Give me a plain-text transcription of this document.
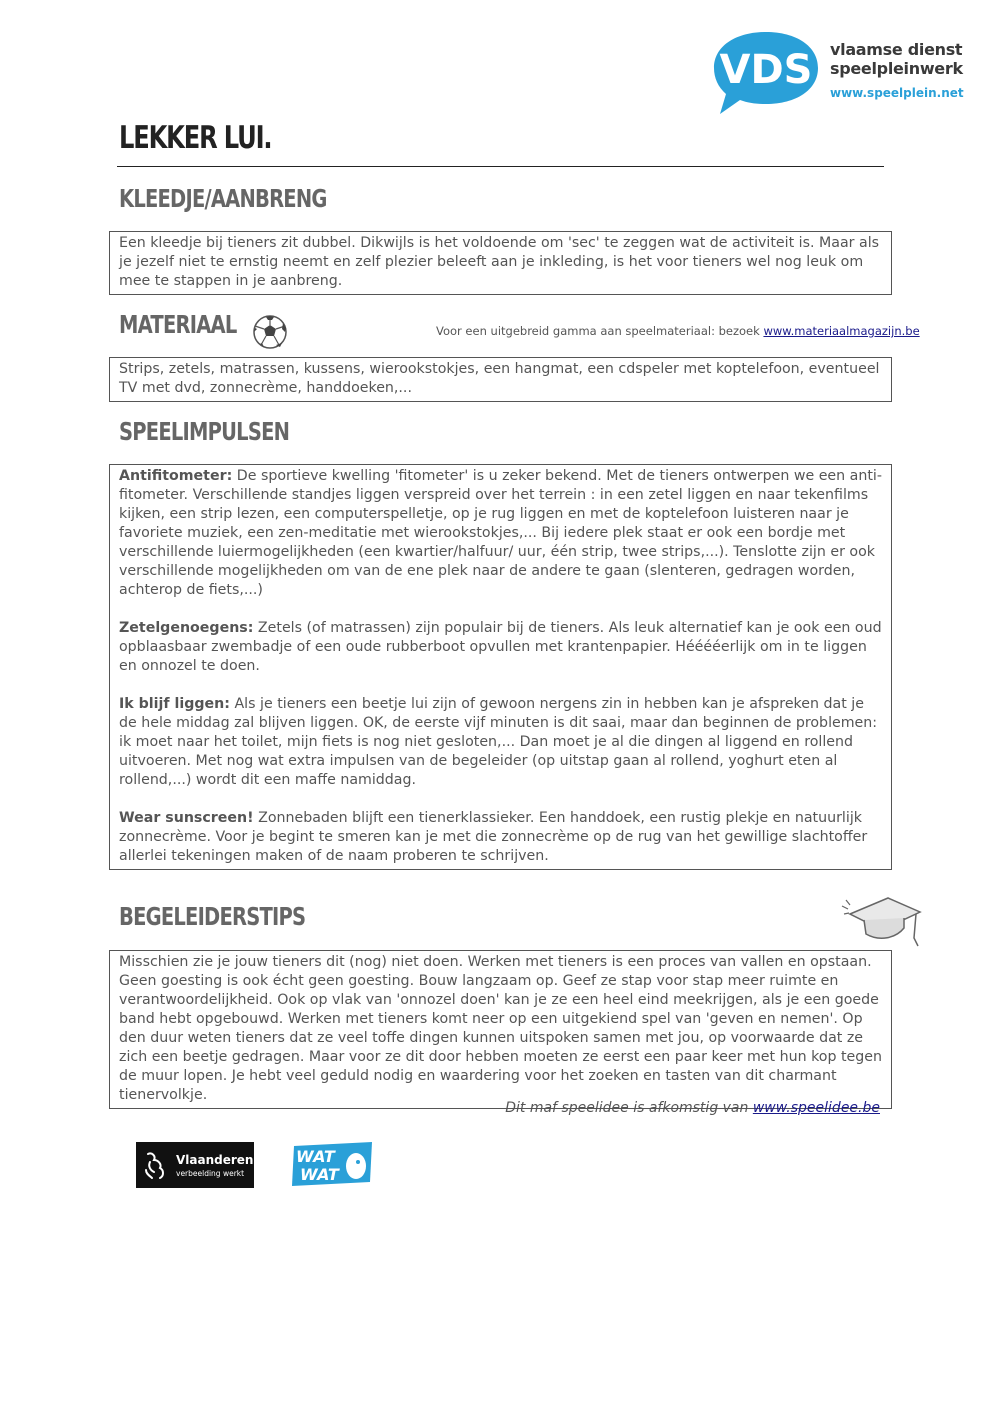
VDS vlaamse dienst
speelpleinwerk
www.speelplein.net
LEKKER LUI.
KLEEDJE/AANBRENG

Een kleedje bij tieners zit dubbel. Dikwijls is het voldoende om 'sec' te zeggen wat de activiteit is. Maar als je jezelf niet te ernstig neemt en zelf plezier beleeft aan je inkleding, is het voor tieners wel nog leuk om mee te stappen in je aanbreng.

MATERIAAL	Voor een uitgebreid gamma aan speelmateriaal: bezoek www.materiaalmagazijn.be

Strips, zetels, matrassen, kussens, wierookstokjes, een hangmat, een cdspeler met koptelefoon, eventueel TV met dvd, zonnecrème, handdoeken,...

SPEELIMPULSEN

Antifitometer: De sportieve kwelling 'fitometer' is u zeker bekend. Met de tieners ontwerpen we een anti-fitometer. Verschillende standjes liggen verspreid over het terrein : in een zetel liggen en naar tekenfilms kijken, een strip lezen, een computerspelletje, op je rug liggen en met de koptelefoon luisteren naar je favoriete muziek, een zen-meditatie met wierookstokjes,... Bij iedere plek staat er ook een bordje met verschillende luiermogelijkheden (een kwartier/halfuur/ uur, één strip, twee strips,...). Tenslotte zijn er ook verschillende mogelijkheden om van de ene plek naar de andere te gaan (slenteren, gedragen worden, achterop de fiets,...)

Zetelgenoegens: Zetels (of matrassen) zijn populair bij de tieners. Als leuk alternatief kan je ook een oud opblaasbaar zwembadje of een oude rubberboot opvullen met krantenpapier. Hééééerlijk om in te liggen en onnozel te doen.

Ik blijf liggen: Als je tieners een beetje lui zijn of gewoon nergens zin in hebben kan je afspreken dat je de hele middag zal blijven liggen. OK, de eerste vijf minuten is dit saai, maar dan beginnen de problemen: ik moet naar het toilet, mijn fiets is nog niet gesloten,... Dan moet je al die dingen al liggend en rollend uitvoeren. Met nog wat extra impulsen van de begeleider (op uitstap gaan al rollend, yoghurt eten al rollend,...) wordt dit een maffe namiddag.

Wear sunscreen! Zonnebaden blijft een tienerklassieker. Een handdoek, een rustig plekje en natuurlijk zonnecrème. Voor je begint te smeren kan je met die zonnecrème op de rug van het gewillige slachtoffer allerlei tekeningen maken of de naam proberen te schrijven.

BEGELEIDERSTIPS

Misschien zie je jouw tieners dit (nog) niet doen. Werken met tieners is een proces van vallen en opstaan. Geen goesting is ook écht geen goesting. Bouw langzaam op. Geef ze stap voor stap meer ruimte en verantwoordelijkheid. Ook op vlak van 'onnozel doen' kan je ze een heel eind meekrijgen, als je een goede band hebt opgebouwd. Werken met tieners komt neer op een uitgekiend spel van 'geven en nemen'. Op den duur weten tieners dat ze veel toffe dingen kunnen uitspoken samen met jou, op voorwaarde dat ze zich een beetje gedragen. Maar voor ze dit door hebben moeten ze eerst een paar keer met hun kop tegen de muur lopen. Je hebt veel geduld nodig en waardering voor het zoeken en tasten van dit charmant tienervolkje.

Dit maf speelidee is afkomstig van www.speelidee.be
Vlaanderen
verbeelding werkt
WAT
WAT
